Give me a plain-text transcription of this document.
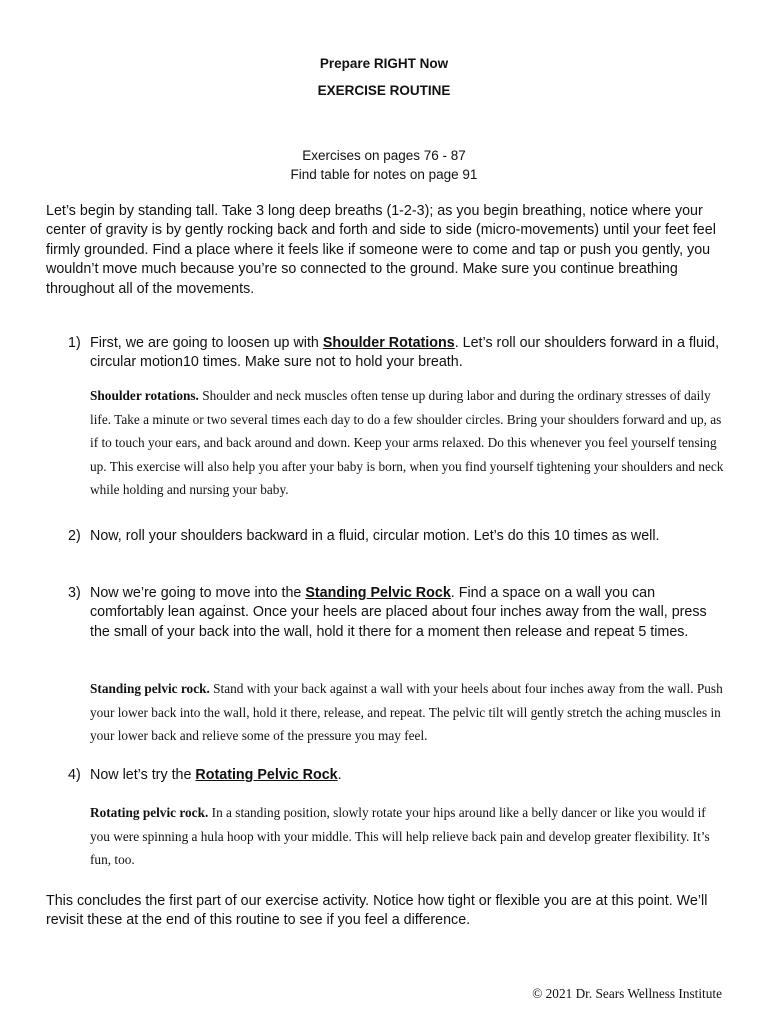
Prepare RIGHT Now
EXERCISE ROUTINE
Exercises on pages 76 - 87
Find table for notes on page 91

Let’s begin by standing tall. Take 3 long deep breaths (1-2-3); as you begin breathing, notice where your center of gravity is by gently rocking back and forth and side to side (micro-movements) until your feet feel firmly grounded. Find a place where it feels like if someone were to come and tap or push you gently, you wouldn’t move much because you’re so connected to the ground. Make sure you continue breathing throughout all of the movements.

1) First, we are going to loosen up with Shoulder Rotations. Let’s roll our shoulders forward in a fluid, circular motion10 times. Make sure not to hold your breath.

Shoulder rotations. Shoulder and neck muscles often tense up during labor and during the ordinary stresses of daily life. Take a minute or two several times each day to do a few shoulder circles. Bring your shoulders forward and up, as if to touch your ears, and back around and down. Keep your arms relaxed. Do this whenever you feel yourself tensing up. This exercise will also help you after your baby is born, when you find yourself tightening your shoulders and neck while holding and nursing your baby.

2) Now, roll your shoulders backward in a fluid, circular motion. Let’s do this 10 times as well.
3) Now we’re going to move into the Standing Pelvic Rock. Find a space on a wall you can comfortably lean against. Once your heels are placed about four inches away from the wall, press the small of your back into the wall, hold it there for a moment then release and repeat 5 times.

Standing pelvic rock. Stand with your back against a wall with your heels about four inches away from the wall. Push your lower back into the wall, hold it there, release, and repeat. The pelvic tilt will gently stretch the aching muscles in your lower back and relieve some of the pressure you may feel.

4) Now let’s try the Rotating Pelvic Rock.

Rotating pelvic rock. In a standing position, slowly rotate your hips around like a belly dancer or like you would if you were spinning a hula hoop with your middle. This will help relieve back pain and develop greater flexibility. It’s fun, too.

This concludes the first part of our exercise activity. Notice how tight or flexible you are at this point. We’ll revisit these at the end of this routine to see if you feel a difference.

© 2021 Dr. Sears Wellness Institute
